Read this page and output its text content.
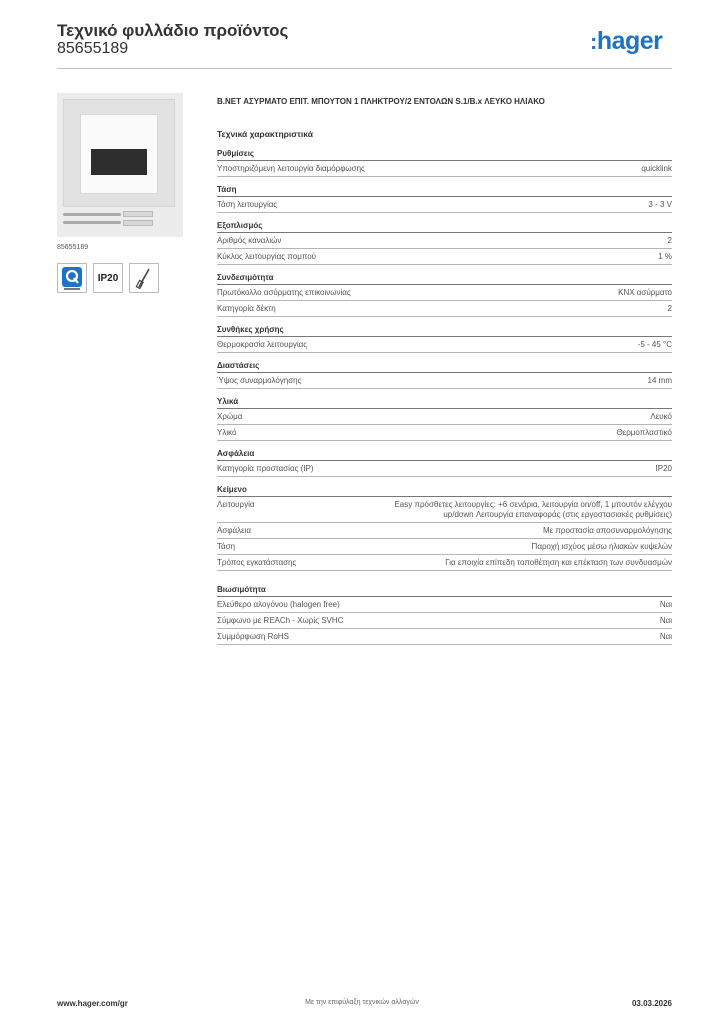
Τεχνικό φυλλάδιο προϊόντος
85655189	:hager
85655189
IP20
B.NET ΑΣΥΡΜΑΤΟ ΕΠΙΤ. ΜΠΟΥΤΟΝ 1 ΠΛΗΚΤΡΟΥ/2 ΕΝΤΟΛΩΝ S.1/B.x ΛΕΥΚΟ ΗΛΙΑΚΟ
Τεχνικά χαρακτηριστικά
Ρυθμίσεις
Υποστηριζόμενη λειτουργία διαμόρφωσης	quicklink
Τάση
Τάση λειτουργίας	3 - 3 V
Εξοπλισμός
Αριθμός καναλιών	2
Κύκλος λειτουργίας πομπού	1 %
Συνδεσιμότητα
Πρωτόκολλο ασύρματης επικοινωνίας	KNX ασύρματο
Κατηγορία δέκτη	2
Συνθήκες χρήσης
Θερμοκρασία λειτουργίας	-5 - 45 °C
Διαστάσεις
Ύψος συναρμολόγησης	14 mm
Υλικά
Χρώμα	Λευκό
Υλικό	Θερμοπλαστικό
Ασφάλεια
Κατηγορία προστασίας (IP)	IP20
Κείμενο
Λειτουργία	Easy πρόσθετες λειτουργίες: +6 σενάρια, λειτουργία on/off, 1 μπουτόν ελέγχου up/down Λειτουργία επαναφοράς (στις εργοστασιακές ρυθμίσεις)
Ασφάλεια	Με προστασία αποσυναρμολόγησης
Τάση	Παροχή ισχύος μέσω ηλιακών κυψελών
Τρόπος εγκατάστασης	Για εποιχία επίπεδη τοποθέτηση και επέκταση των συνδυασμών
Βιωσιμότητα
Ελεύθερο αλογόνου (halogen free)	Ναι
Σύμφωνο με REACh - Χωρίς SVHC	Ναι
Συμμόρφωση RoHS	Ναι
www.hager.com/gr	Με την επιφύλαξη τεχνικών αλλαγών	03.03.2026
